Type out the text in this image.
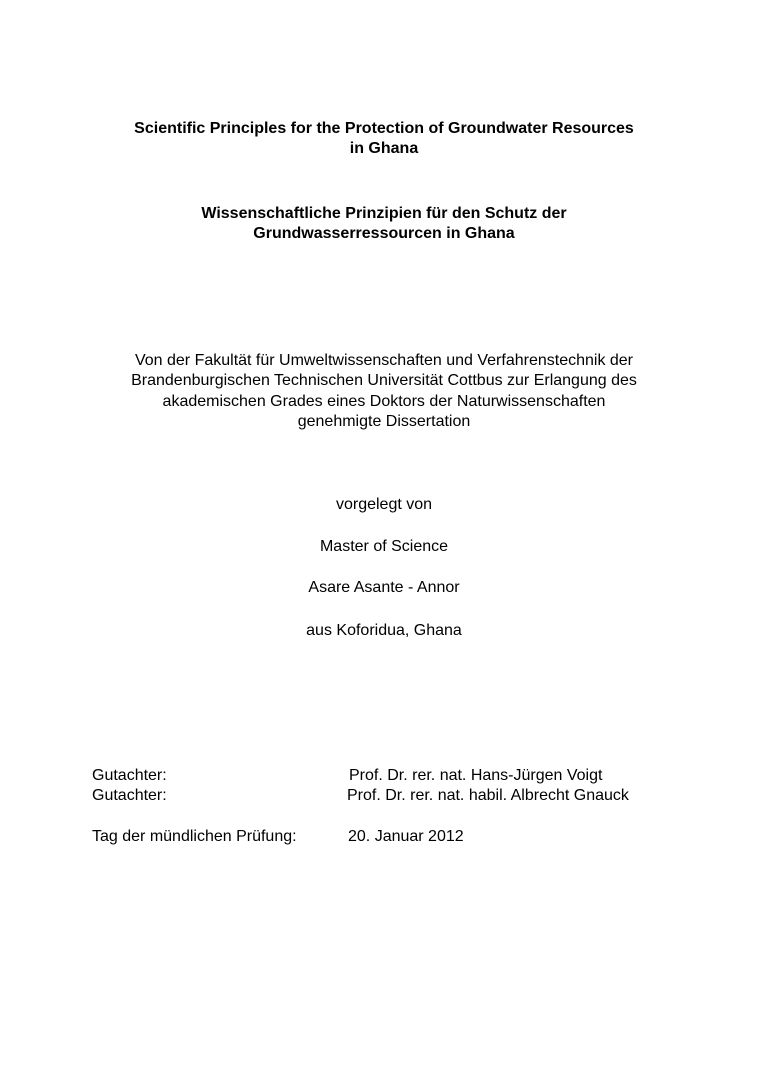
Scientific Principles for the Protection of Groundwater Resources
in Ghana
Wissenschaftliche Prinzipien für den Schutz der
Grundwasserressourcen in Ghana
Von der Fakultät für Umweltwissenschaften und Verfahrenstechnik der
Brandenburgischen Technischen Universität Cottbus zur Erlangung des
akademischen Grades eines Doktors der Naturwissenschaften
genehmigte Dissertation
vorgelegt von
Master of Science
Asare Asante - Annor
aus Koforidua, Ghana
Gutachter:	Prof. Dr. rer. nat. Hans-Jürgen Voigt
Gutachter:	Prof. Dr. rer. nat. habil. Albrecht Gnauck
Tag der mündlichen Prüfung:	20. Januar 2012
